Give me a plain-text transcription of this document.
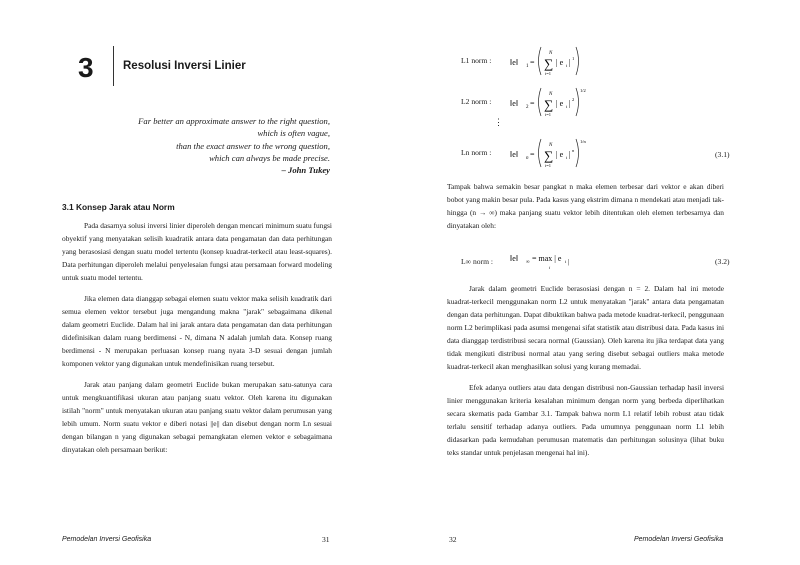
3	Resolusi Inversi Linier
Far better an approximate answer to the right question,
which is often vague,
than the exact answer to the wrong question,
which can always be made precise.
– John Tukey
3.1 Konsep Jarak atau Norm

Pada dasarnya solusi inversi linier diperoleh dengan mencari minimum suatu fungsi obyektif yang menyatakan selisih kuadratik antara data pengamatan dan data perhitungan yang berasosiasi dengan suatu model tertentu (konsep kuadrat-terkecil atau least-squares). Data perhitungan diperoleh melalui penyelesaian fungsi atau persamaan forward modeling untuk suatu model tertentu.

Jika elemen data dianggap sebagai elemen suatu vektor maka selisih kuadratik dari semua elemen vektor tersebut juga mengandung makna "jarak" sebagaimana dikenal dalam geometri Euclide. Dalam hal ini jarak antara data pengamatan dan data perhitungan didefinisikan dalam ruang berdimensi - N, dimana N adalah jumlah data. Konsep ruang berdimensi - N merupakan perluasan konsep ruang nyata 3-D sesuai dengan jumlah komponen vektor yang digunakan untuk mendefinisikan ruang tersebut.

Jarak atau panjang dalam geometri Euclide bukan merupakan satu-satunya cara untuk mengkuantifikasi ukuran atau panjang suatu vektor. Oleh karena itu digunakan istilah "norm" untuk menyatakan ukuran atau panjang suatu vektor dalam perumusan yang lebih umum. Norm suatu vektor e diberi notasi ||e|| dan disebut dengan norm Ln sesuai dengan bilangan n yang digunakan sebagai pemangkatan elemen vektor e sebagaimana dinyatakan oleh persamaan berikut:

Pemodelan Inversi Geofisika	31
L1 norm : ‖e‖ 1 =
N
∑
i=1
| e i | 1
L2 norm : ‖e‖ 2 =
N
∑
i=1
| e i | 2
1/2
⋮
Ln norm : ‖e‖ n =
N
∑
i=1
| e i | n
1/n
(3.1)

Tampak bahwa semakin besar pangkat n maka elemen terbesar dari vektor e akan diberi bobot yang makin besar pula. Pada kasus yang ekstrim dimana n mendekati atau menjadi tak-hingga (n → ∞) maka panjang suatu vektor lebih ditentukan oleh elemen terbesarnya dan dinyatakan oleh:

L∞ norm : ‖e‖ ∞ = max | e i
i
|	(3.2)

Jarak dalam geometri Euclide berasosiasi dengan n = 2. Dalam hal ini metode kuadrat-terkecil menggunakan norm L2 untuk menyatakan "jarak" antara data pengamatan dengan data perhitungan. Dapat dibuktikan bahwa pada metode kuadrat-terkecil, penggunaan norm L2 berimplikasi pada asumsi mengenai sifat statistik atau distribusi data. Pada kasus ini data dianggap terdistribusi secara normal (Gaussian). Oleh karena itu jika terdapat data yang tidak mengikuti distribusi normal atau yang sering disebut sebagai outliers maka metode kuadrat-terkecil akan menghasilkan solusi yang kurang memadai.

Efek adanya outliers atau data dengan distribusi non-Gaussian terhadap hasil inversi linier menggunakan kriteria kesalahan minimum dengan norm yang berbeda diperlihatkan secara skematis pada Gambar 3.1. Tampak bahwa norm L1 relatif lebih robust atau tidak terlalu sensitif terhadap adanya outliers. Pada umumnya penggunaan norm L1 lebih didasarkan pada kemudahan perumusan matematis dan perhitungan solusinya (lihat buku teks standar untuk penjelasan mengenai hal ini).

32	Pemodelan Inversi Geofisika
